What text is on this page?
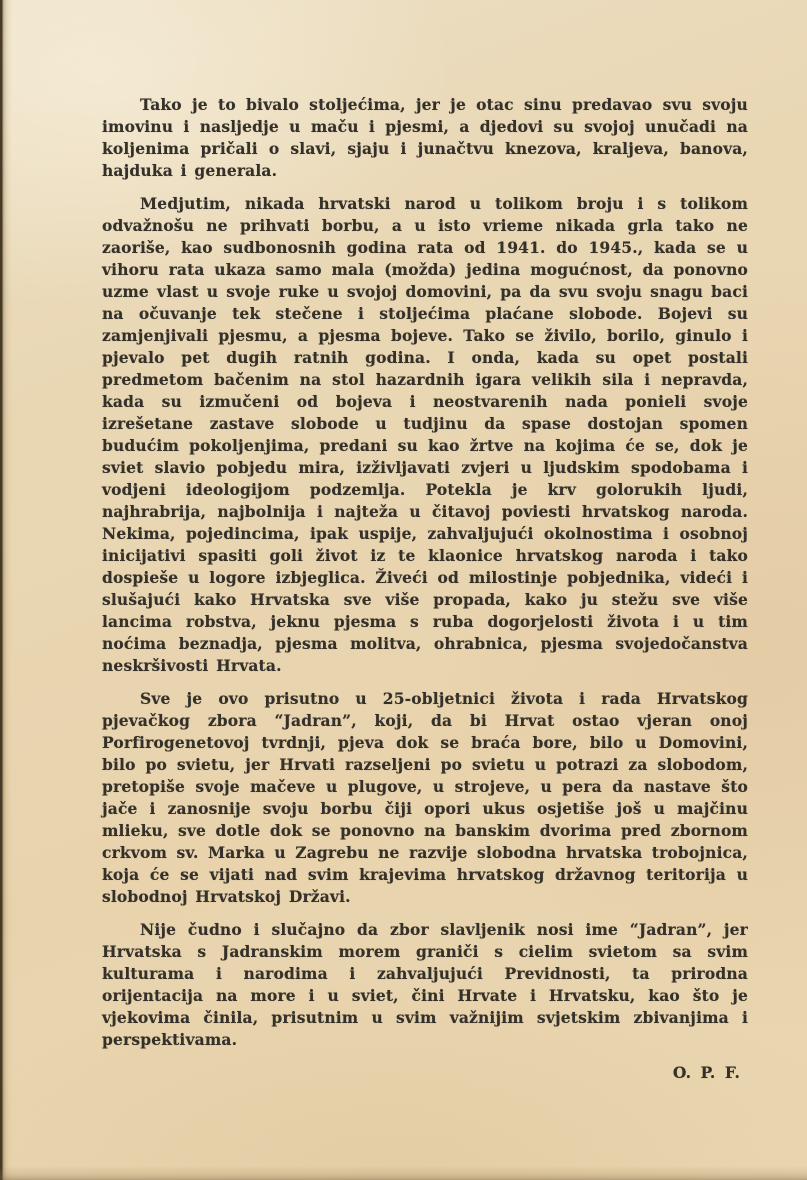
Tako je to bivalo stoljećima, jer je otac sinu predavao svu svoju imovinu i nasljedje u maču i pjesmi, a djedovi su svojoj unučadi na koljenima pričali o slavi, sjaju i junačtvu knezova, kraljeva, banova, hajduka i generala.

Medjutim, nikada hrvatski narod u tolikom broju i s tolikom odvažnošu ne prihvati borbu, a u isto vrieme nikada grla tako ne zaoriše, kao sudbonosnih godina rata od 1941. do 1945., kada se u vihoru rata ukaza samo mala (možda) jedina mogućnost, da ponovno uzme vlast u svoje ruke u svojoj domovini, pa da svu svoju snagu baci na očuvanje tek stečene i stoljećima plaćane slobode. Bojevi su zamjenjivali pjesmu, a pjesma bojeve. Tako se živilo, borilo, ginulo i pjevalo pet dugih ratnih godina. I onda, kada su opet postali predmetom bačenim na stol hazardnih igara velikih sila i nepravda, kada su izmučeni od bojeva i neostvarenih nada ponieli svoje izrešetane zastave slobode u tudjinu da spase dostojan spomen budućim pokoljenjima, predani su kao žrtve na kojima će se, dok je sviet slavio pobjedu mira, izživljavati zvjeri u ljudskim spodobama i vodjeni ideologijom podzemlja. Potekla je krv golorukih ljudi, najhrabrija, najbolnija i najteža u čitavoj poviesti hrvatskog naroda. Nekima, pojedincima, ipak uspije, zahvaljujući okolnostima i osobnoj inicijativi spasiti goli život iz te klaonice hrvatskog naroda i tako dospieše u logore izbjeglica. Živeći od milostinje pobjednika, videći i slušajući kako Hrvatska sve više propada, kako ju stežu sve više lancima robstva, jeknu pjesma s ruba dogorjelosti života i u tim noćima beznadja, pjesma molitva, ohrabnica, pjesma svojedočanstva neskršivosti Hrvata.

Sve je ovo prisutno u 25-obljetnici života i rada Hrvatskog pjevačkog zbora “Jadran”, koji, da bi Hrvat ostao vjeran onoj Porfirogenetovoj tvrdnji, pjeva dok se braća bore, bilo u Domovini, bilo po svietu, jer Hrvati razseljeni po svietu u potrazi za slobodom, pretopiše svoje mačeve u plugove, u strojeve, u pera da nastave što jače i zanosnije svoju borbu čiji opori ukus osjetiše još u majčinu mlieku, sve dotle dok se ponovno na banskim dvorima pred zbornom crkvom sv. Marka u Zagrebu ne razvije slobodna hrvatska trobojnica, koja će se vijati nad svim krajevima hrvatskog državnog teritorija u slobodnoj Hrvatskoj Državi.

Nije čudno i slučajno da zbor slavljenik nosi ime “Jadran”, jer Hrvatska s Jadranskim morem graniči s cielim svietom sa svim kulturama i narodima i zahvaljujući Previdnosti, ta prirodna orijentacija na more i u sviet, čini Hrvate i Hrvatsku, kao što je vjekovima činila, prisutnim u svim važnijim svjetskim zbivanjima i perspektivama.

O. P. F.
